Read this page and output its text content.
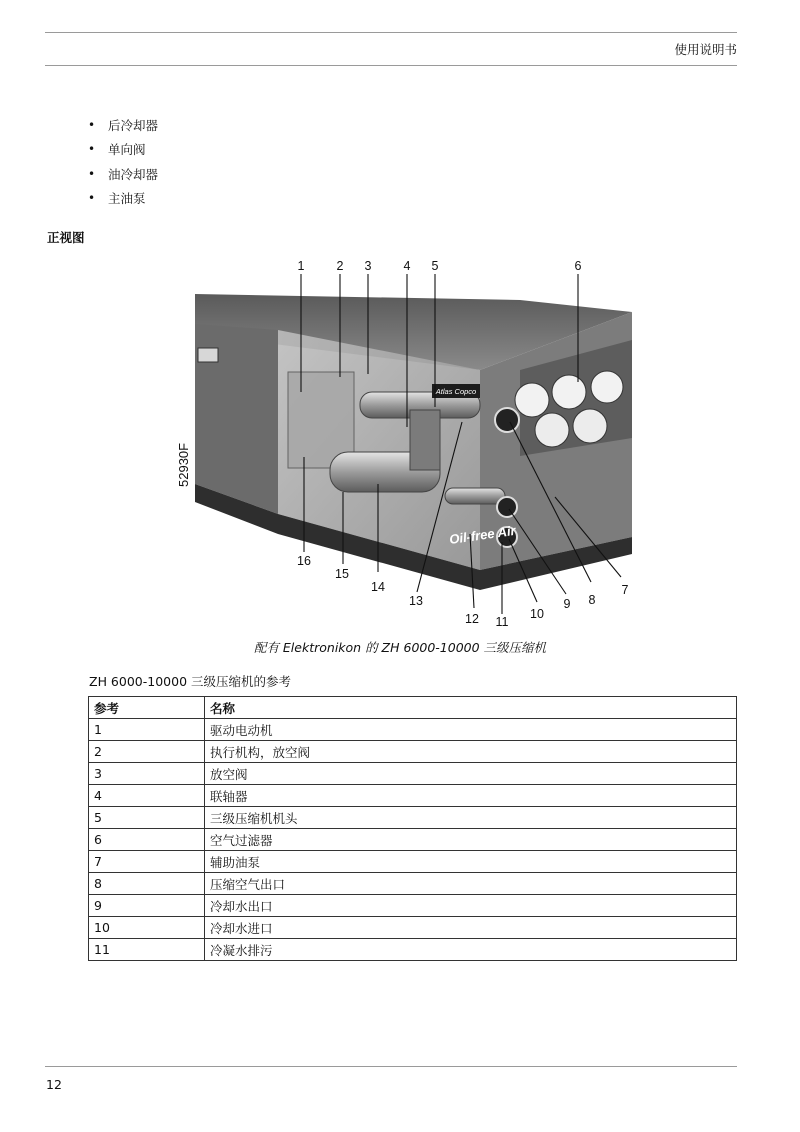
使用说明书
•	后冷却器
•	单向阀
•	油冷却器
•	主油泵
正视图
Atlas Copco
Oil-free Air
52930F
1	2 3	4 5	6
7
8
9
10
11
12
13
14
15
16
配有 Elektronikon 的 ZH 6000-10000 三级压缩机
ZH 6000-10000 三级压缩机的参考
参考	名称
1	驱动电动机
2	执行机构，放空阀
3	放空阀
4	联轴器
5	三级压缩机机头
6	空气过滤器
7	辅助油泵
8	压缩空气出口
9	冷却水出口
10	冷却水进口
11	冷凝水排污
12
